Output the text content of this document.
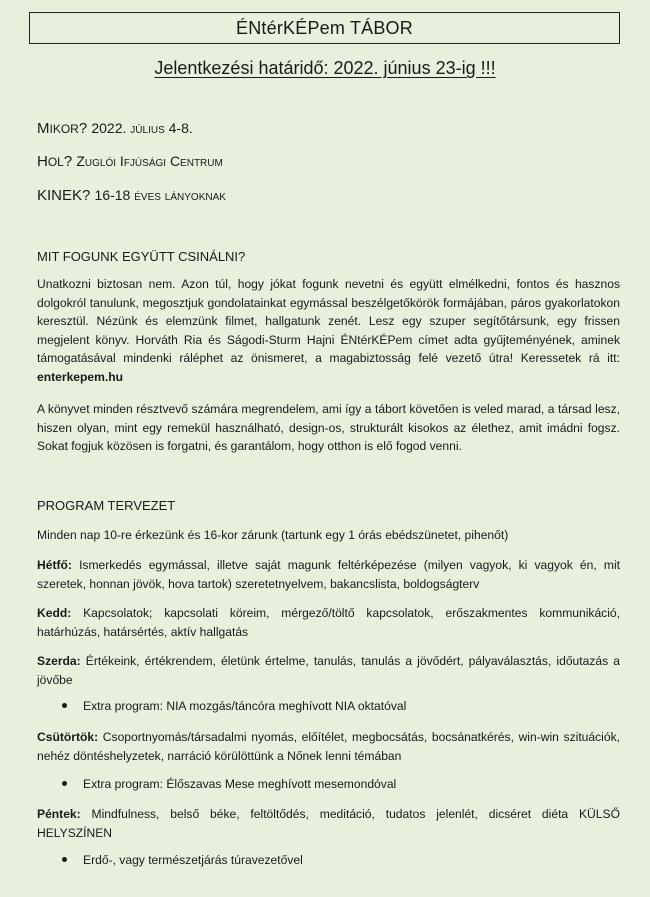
ÉNtérKÉPem TÁBOR
Jelentkezési határidő: 2022. június 23-ig !!!
MIKOR? 2022. július 4-8.
HOL? Zuglói Ifjúsági Centrum
KINEK? 16-18 éves lányoknak
MIT FOGUNK EGYÜTT CSINÁLNI?

Unatkozni biztosan nem. Azon túl, hogy jókat fogunk nevetni és együtt elmélkedni, fontos és hasznos dolgokról tanulunk, megosztjuk gondolatainkat egymással beszélgetőkörök formájában, páros gyakorlatokon keresztül. Nézünk és elemzünk filmet, hallgatunk zenét. Lesz egy szuper segítőtársunk, egy frissen megjelent könyv. Horváth Ria és Ságodi-Sturm Hajni ÉNtérKÉPem címet adta gyűjteményének, aminek támogatásával mindenki ráléphet az önismeret, a magabiztosság felé vezető útra! Keressetek rá itt: enterkepem.hu

A könyvet minden résztvevő számára megrendelem, ami így a tábort követően is veled marad, a társad lesz, hiszen olyan, mint egy remekül használható, design-os, strukturált kisokos az élethez, amit imádni fogsz. Sokat fogjuk közösen is forgatni, és garantálom, hogy otthon is elő fogod venni.

PROGRAM TERVEZET

Minden nap 10-re érkezünk és 16-kor zárunk (tartunk egy 1 órás ebédszünetet, pihenőt)

Hétfő: Ismerkedés egymással, illetve saját magunk feltérképezése (milyen vagyok, ki vagyok én, mit szeretek, honnan jövök, hova tartok) szeretetnyelvem, bakancslista, boldogságterv

Kedd: Kapcsolatok; kapcsolati köreim, mérgező/töltő kapcsolatok, erőszakmentes kommunikáció, határhúzás, határsértés, aktív hallgatás

Szerda: Értékeink, értékrendem, életünk értelme, tanulás, tanulás a jövődért, pályaválasztás, időutazás a jövőbe

Extra program: NIA mozgás/táncóra meghívott NIA oktatóval

Csütörtök: Csoportnyomás/társadalmi nyomás, előítélet, megbocsátás, bocsánatkérés, win-win szituációk, nehéz döntéshelyzetek, narráció körülöttünk a Nőnek lenni témában

Extra program: Élőszavas Mese meghívott mesemondóval

Péntek: Mindfulness, belső béke, feltöltődés, meditáció, tudatos jelenlét, dicséret diéta KÜLSŐ HELYSZÍNEN

Erdő-, vagy természetjárás túravezetővel
